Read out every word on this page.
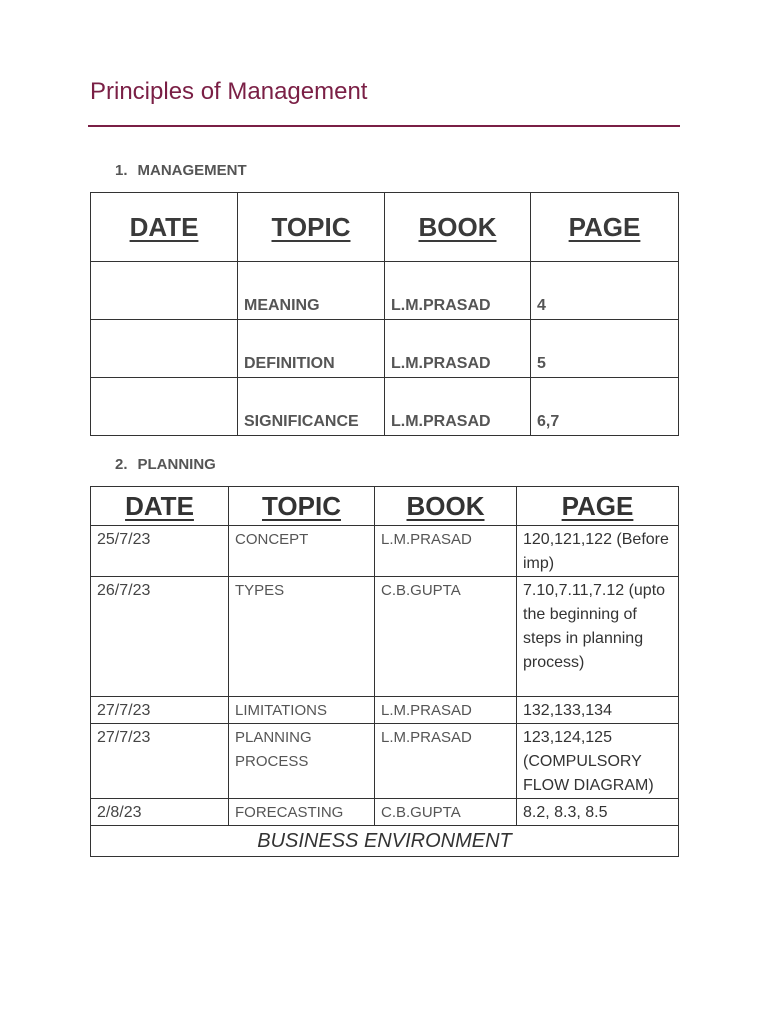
Principles of Management
1. MANAGEMENT
DATE	TOPIC	BOOK	PAGE
	MEANING	L.M.PRASAD	4
	DEFINITION	L.M.PRASAD	5
	SIGNIFICANCE	L.M.PRASAD	6,7
2. PLANNING
DATE	TOPIC	BOOK	PAGE
25/7/23	CONCEPT	L.M.PRASAD	120,121,122 (Before imp)
26/7/23	TYPES	C.B.GUPTA	7.10,7.11,7.12 (upto the beginning of steps in planning process)
27/7/23	LIMITATIONS	L.M.PRASAD	132,133,134
27/7/23	PLANNING PROCESS	L.M.PRASAD	123,124,125 (COMPULSORY FLOW DIAGRAM)
2/8/23	FORECASTING	C.B.GUPTA	8.2, 8.3, 8.5
BUSINESS ENVIRONMENT			
